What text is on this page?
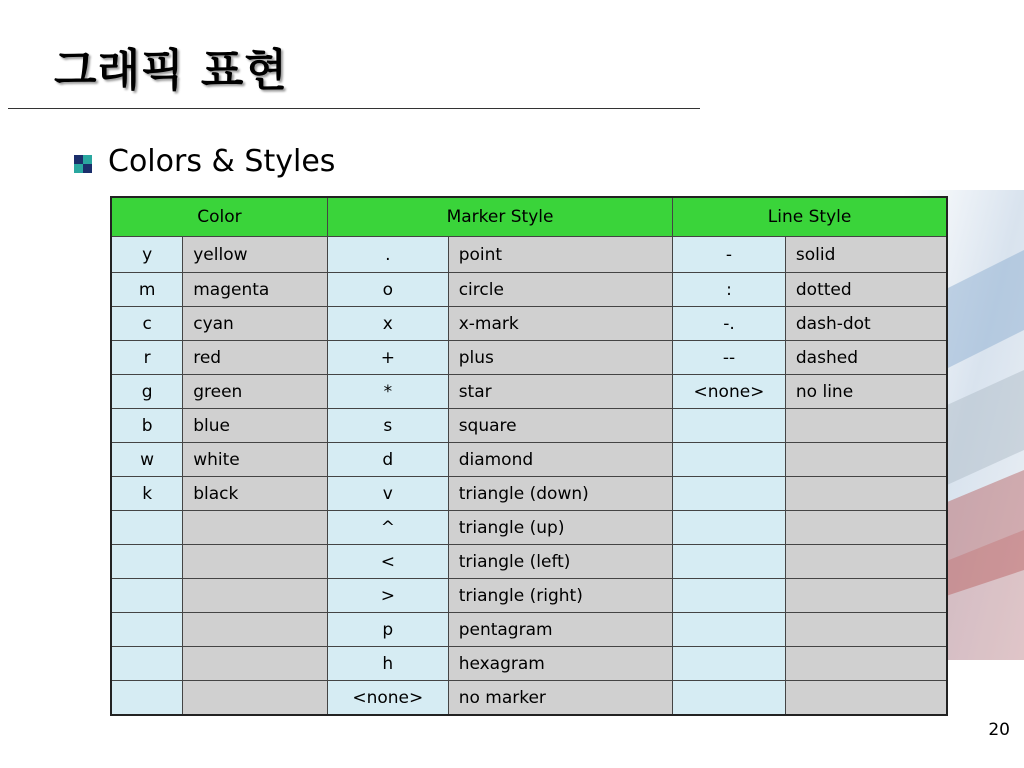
그래픽 표현
Colors & Styles
Color		Marker Style		Line Style	
y	yellow	.	point	-	solid
m	magenta	o	circle	:	dotted
c	cyan	x	x-mark	-.	dash-dot
r	red	+	plus	--	dashed
g	green	*	star	<none>	no line
b	blue	s	square		
w	white	d	diamond		
k	black	v	triangle (down)		
		^	triangle (up)		
		<	triangle (left)		
		>	triangle (right)		
		p	pentagram		
		h	hexagram		
		<none>	no marker		
20
